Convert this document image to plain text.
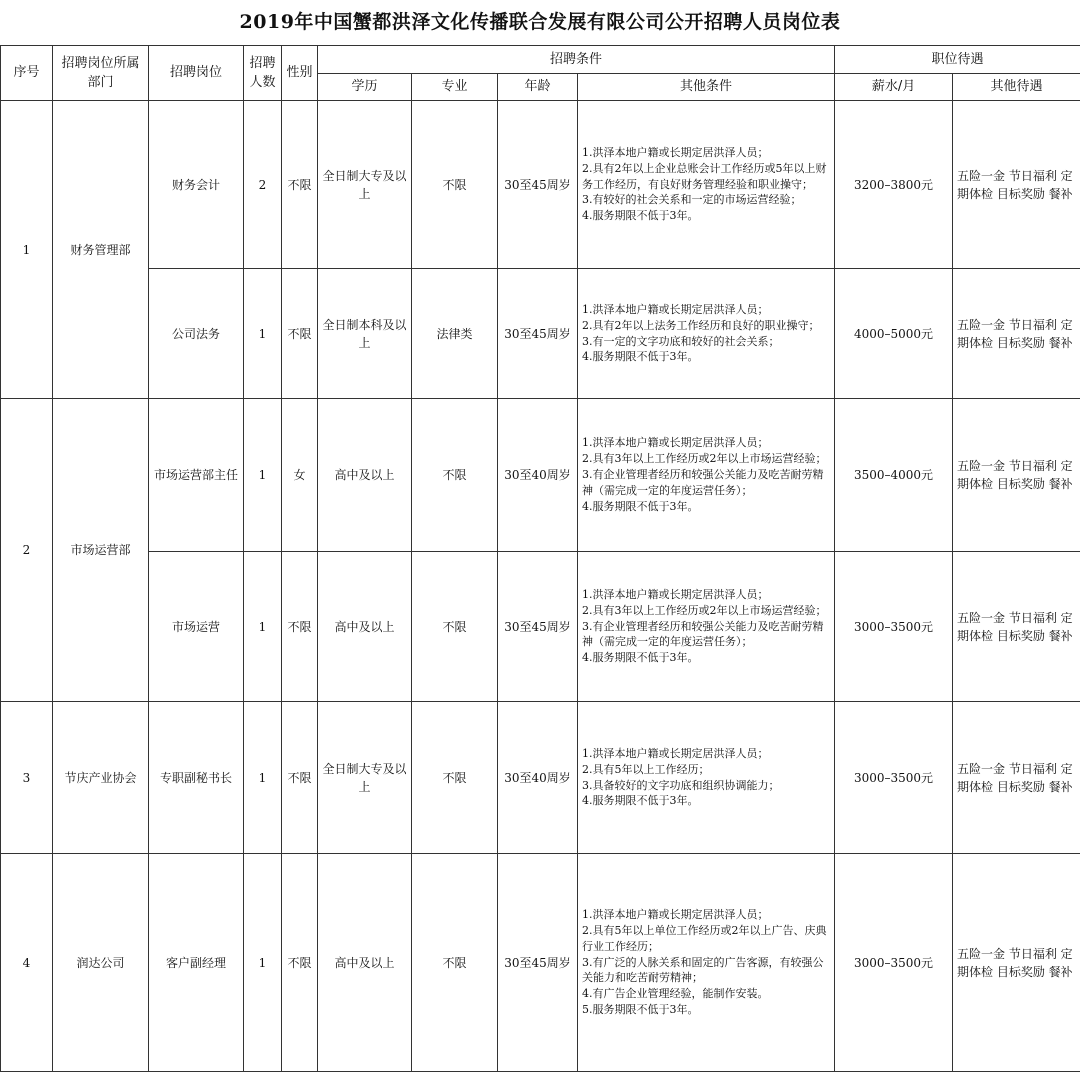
2019年中国蟹都洪泽文化传播联合发展有限公司公开招聘人员岗位表
序号	招聘岗位所属部门	招聘岗位	招聘人数	性别	招聘条件				职位待遇	
					学历	专业	年龄	其他条件	薪水/月	其他待遇
1	财务管理部	财务会计	2	不限	全日制大专及以上	不限	30至45周岁	1.洪泽本地户籍或长期定居洪泽人员；
2.具有2年以上企业总账会计工作经历或5年以上财务工作经历，有良好财务管理经验和职业操守；
3.有较好的社会关系和一定的市场运营经验；
4.服务期限不低于3年。	3200–3800元	五险一金 节日福利 定期体检 目标奖励 餐补
		公司法务	1	不限	全日制本科及以上	法律类	30至45周岁	1.洪泽本地户籍或长期定居洪泽人员；
2.具有2年以上法务工作经历和良好的职业操守；
3.有一定的文字功底和较好的社会关系；
4.服务期限不低于3年。	4000–5000元	五险一金 节日福利 定期体检 目标奖励 餐补
2	市场运营部	市场运营部主任	1	女	高中及以上	不限	30至40周岁	1.洪泽本地户籍或长期定居洪泽人员；
2.具有3年以上工作经历或2年以上市场运营经验；
3.有企业管理者经历和较强公关能力及吃苦耐劳精神（需完成一定的年度运营任务）；
4.服务期限不低于3年。	3500–4000元	五险一金 节日福利 定期体检 目标奖励 餐补
		市场运营	1	不限	高中及以上	不限	30至45周岁	1.洪泽本地户籍或长期定居洪泽人员；
2.具有3年以上工作经历或2年以上市场运营经验；
3.有企业管理者经历和较强公关能力及吃苦耐劳精神（需完成一定的年度运营任务）；
4.服务期限不低于3年。	3000–3500元	五险一金 节日福利 定期体检 目标奖励 餐补
3	节庆产业协会	专职副秘书长	1	不限	全日制大专及以上	不限	30至40周岁	1.洪泽本地户籍或长期定居洪泽人员；
2.具有5年以上工作经历；
3.具备较好的文字功底和组织协调能力；
4.服务期限不低于3年。	3000–3500元	五险一金 节日福利 定期体检 目标奖励 餐补
4	润达公司	客户副经理	1	不限	高中及以上	不限	30至45周岁	1.洪泽本地户籍或长期定居洪泽人员；
2.具有5年以上单位工作经历或2年以上广告、庆典行业工作经历；
3.有广泛的人脉关系和固定的广告客源，有较强公关能力和吃苦耐劳精神；
4.有广告企业管理经验，能制作安装。
5.服务期限不低于3年。	3000–3500元	五险一金 节日福利 定期体检 目标奖励 餐补
